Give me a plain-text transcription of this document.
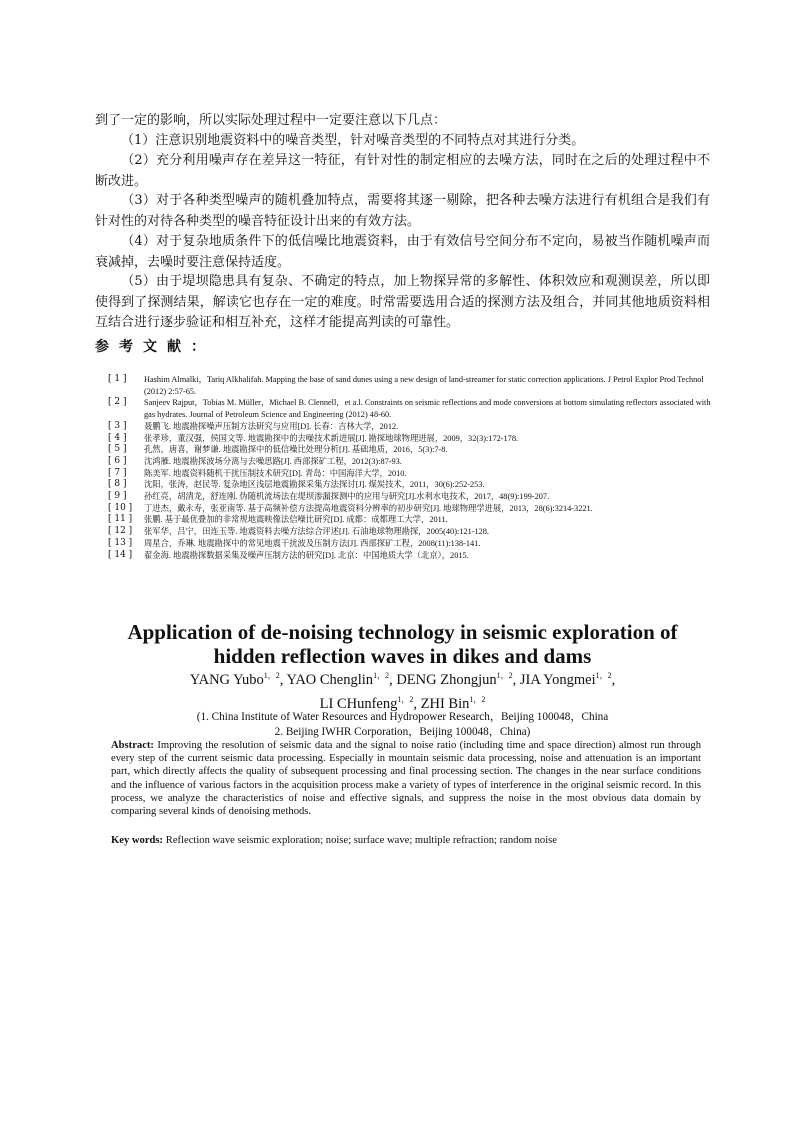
到了一定的影响，所以实际处理过程中一定要注意以下几点：

（1）注意识别地震资料中的噪音类型，针对噪音类型的不同特点对其进行分类。

（2）充分利用噪声存在差异这一特征，有针对性的制定相应的去噪方法，同时在之后的处理过程中不断改进。

（3）对于各种类型噪声的随机叠加特点，需要将其逐一剔除，把各种去噪方法进行有机组合是我们有针对性的对待各种类型的噪音特征设计出来的有效方法。

（4）对于复杂地质条件下的低信噪比地震资料，由于有效信号空间分布不定向，易被当作随机噪声而衰减掉，去噪时要注意保持适度。

（5）由于堤坝隐患具有复杂、不确定的特点，加上物探异常的多解性、体积效应和观测误差，所以即使得到了探测结果，解读它也存在一定的难度。时常需要选用合适的探测方法及组合，并同其他地质资料相互结合进行逐步验证和相互补充，这样才能提高判读的可靠性。

参考文献：

[ 1 ]	Hashim Almalki，Tariq Alkhalifah. Mapping the base of sand dunes using a new design of land-streamer for static correction applications. J Petrol Explor Prod Technol (2012) 2:57-65.
[ 2 ]	Sanjeev Rajput，Tobias M. Müller，Michael B. Clennell，et a.l. Constraints on seismic reflections and mode conversions at bottom simulating reflectors associated with gas hydrates. Journal of Petroleum Science and Engineering (2012) 48-60.
[ 3 ]	聂鹏飞. 地震勘探噪声压制方法研究与应用[D]. 长春：吉林大学，2012.
[ 4 ]	张孝珍，董汉强，侯国文等. 地震勘探中的去噪技术新进展[J]. 勘探地球物理进展，2009，32(3):172-178.
[ 5 ]	孔然，唐喜，谢梦谦. 地震勘探中的低信噪比处理分析[J]. 基础地质，2016，5(3):7-8.
[ 6 ]	沈鸿雁. 地震勘探波场分离与去噪思路[J]. 西部探矿工程，2012(3):87-93.
[ 7 ]	陈美军. 地震资料随机干扰压制技术研究[D]. 青岛：中国海洋大学，2010.
[ 8 ]	沈阳，张涛，赵民等. 复杂地区浅层地震勘探采集方法探讨[J]. 煤炭技术，2011，30(6):252-253.
[ 9 ]	孙红亮，胡清龙，舒连刚. 伪随机流场法在堤坝渗漏探测中的应用与研究[J].水利水电技术，2017，48(9):199-207.
[ 10 ]	丁进杰，戴永寿，张亚南等. 基于高频补偿方法提高地震资料分辨率的初步研究[J]. 地球物理学进展，2013，28(6):3214-3221.
[ 11 ]	张鹏. 基于最优叠加的非常规地震映像法信噪比研究[D]. 成都：成都理工大学，2011.
[ 12 ]	张军华，吕宁，田连玉等. 地震资料去噪方法综合评述[J]. 石油地球物理勘探，2005(40):121-128.
[ 13 ]	周星合，乔琳. 地震勘探中的常见地震干扰波及压制方法[J]. 西部探矿工程，2008(11):138-141.
[ 14 ]	翟金海. 地震勘探数据采集及噪声压制方法的研究[D]. 北京：中国地质大学（北京），2015.

Application of de-noising technology in seismic exploration of
hidden reflection waves in dikes and dams

YANG Yubo$^{1,2}$, YAO Chenglin$^{1,2}$, DENG Zhongjun$^{1,2}$, JIA Yongmei$^{1,2}$,
LI CHunfeng$^{1,2}$, ZHI Bin$^{1,2}$

(1. China Institute of Water Resources and Hydropower Research，Beijing 100048，China

2. Beijing IWHR Corporation，Beijing 100048，China)

Abstract: Improving the resolution of seismic data and the signal to noise ratio (including time and space direction) almost run through every step of the current seismic data processing. Especially in mountain seismic data processing, noise and attenuation is an important part, which directly affects the quality of subsequent processing and final processing section. The changes in the near surface conditions and the influence of various factors in the acquisition process make a variety of types of interference in the original seismic record. In this process, we analyze the characteristics of noise and effective signals, and suppress the noise in the most obvious data domain by comparing several kinds of denoising methods.

Key words: Reflection wave seismic exploration; noise; surface wave; multiple refraction; random noise
